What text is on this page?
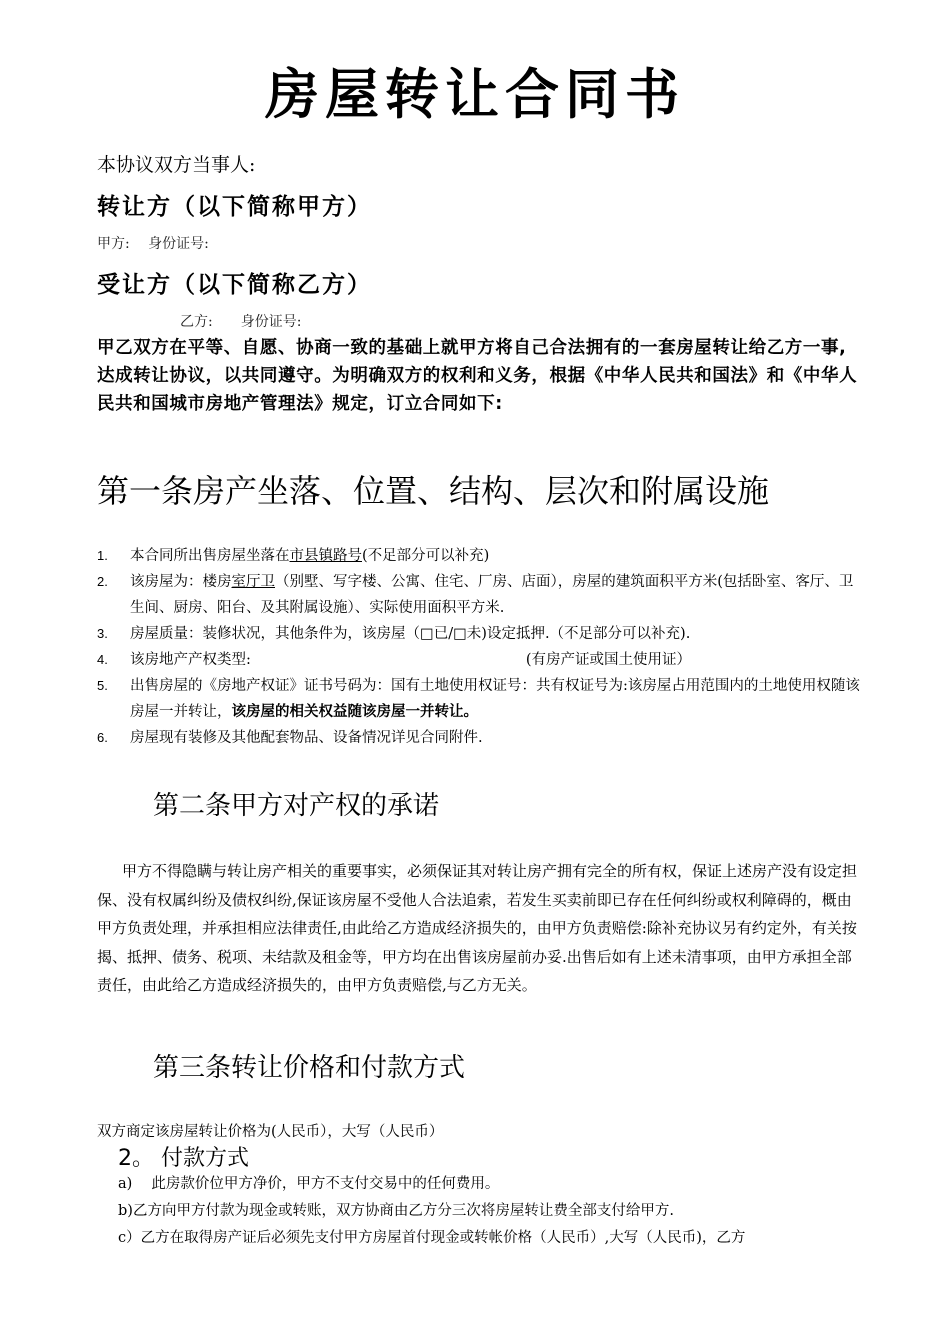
房屋转让合同书
本协议双方当事人:
转让方（以下简称甲方）
甲方:　 身份证号:
受让方（以下简称乙方）
乙方:　　身份证号:
甲乙双方在平等、自愿、协商一致的基础上就甲方将自己合法拥有的一套房屋转让给乙方一事,达成转让协议，以共同遵守。为明确双方的权利和义务，根据《中华人民共和国法》和《中华人民共和国城市房地产管理法》规定，订立合同如下:
第一条房产坐落、位置、结构、层次和附属设施
1. 本合同所出售房屋坐落在市县镇路号(不足部分可以补充)
2. 该房屋为：楼房室厅卫（别墅、写字楼、公寓、住宅、厂房、店面），房屋的建筑面积平方米(包括卧室、客厅、卫生间、厨房、阳台、及其附属设施）、实际使用面积平方米.
3. 房屋质量：装修状况，其他条件为，该房屋（□已/□未)设定抵押.（不足部分可以补充).
4. 该房地产产权类型:	(有房产证或国土使用证）
5. 出售房屋的《房地产权证》证书号码为：国有土地使用权证号：共有权证号为:该房屋占用范围内的土地使用权随该房屋一并转让，该房屋的相关权益随该房屋一并转让。
6. 房屋现有装修及其他配套物品、设备情况详见合同附件.
第二条甲方对产权的承诺
甲方不得隐瞒与转让房产相关的重要事实，必须保证其对转让房产拥有完全的所有权，保证上述房产没有设定担保、没有权属纠纷及债权纠纷,保证该房屋不受他人合法追索，若发生买卖前即已存在任何纠纷或权利障碍的，概由甲方负责处理，并承担相应法律责任,由此给乙方造成经济损失的，由甲方负责赔偿:除补充协议另有约定外，有关按揭、抵押、债务、税项、未结款及租金等，甲方均在出售该房屋前办妥.出售后如有上述未清事项，由甲方承担全部责任，由此给乙方造成经济损失的，由甲方负责赔偿,与乙方无关。
第三条转让价格和付款方式
双方商定该房屋转让价格为(人民币），大写（人民币）
2。 付款方式
a)　 此房款价位甲方净价，甲方不支付交易中的任何费用。
b)乙方向甲方付款为现金或转账，双方协商由乙方分三次将房屋转让费全部支付给甲方.
c）乙方在取得房产证后必须先支付甲方房屋首付现金或转帐价格（人民币）,大写（人民币)，乙方
